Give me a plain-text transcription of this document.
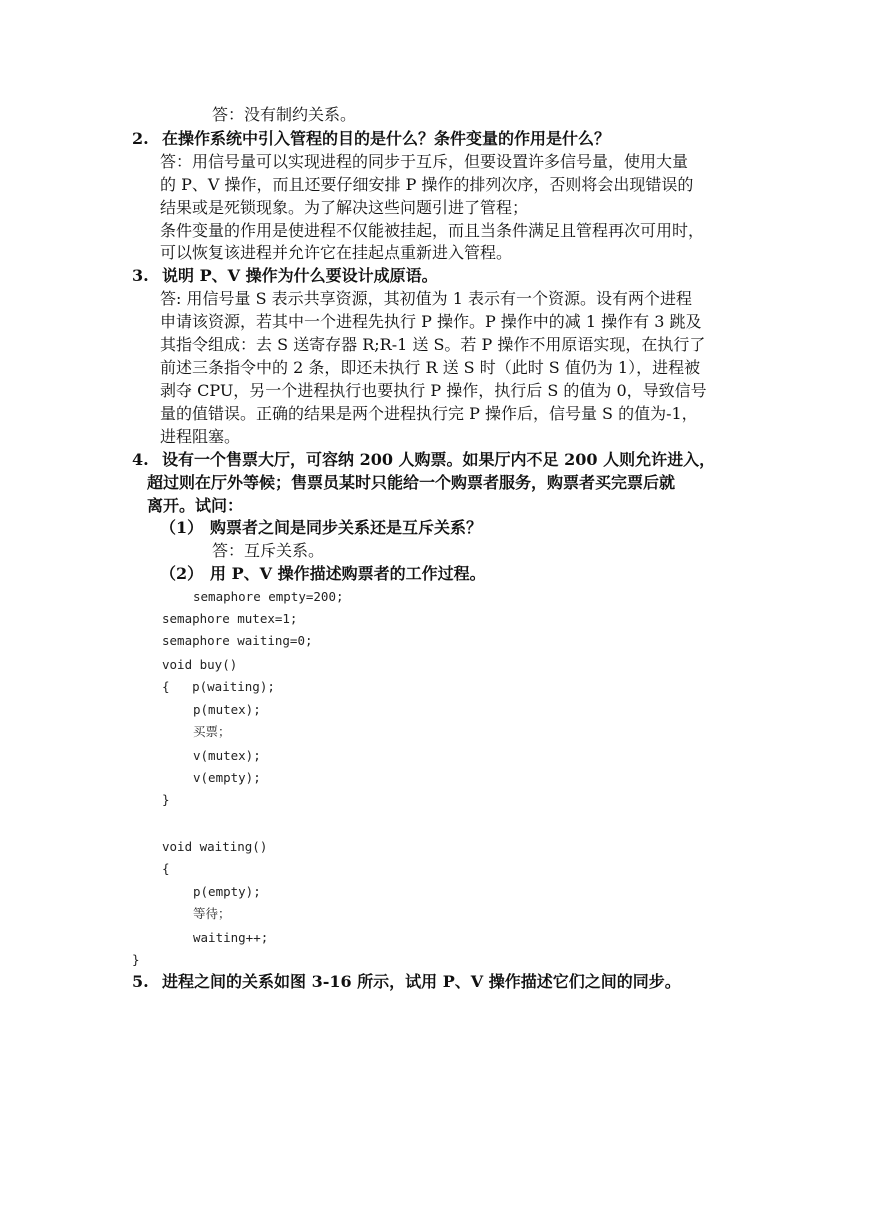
答：没有制约关系。
2. 在操作系统中引入管程的目的是什么？条件变量的作用是什么？
答：用信号量可以实现进程的同步于互斥，但要设置许多信号量，使用大量
的 P、V 操作，而且还要仔细安排 P 操作的排列次序，否则将会出现错误的
结果或是死锁现象。为了解决这些问题引进了管程；
条件变量的作用是使进程不仅能被挂起，而且当条件满足且管程再次可用时，
可以恢复该进程并允许它在挂起点重新进入管程。
3. 说明 P、V 操作为什么要设计成原语。
答: 用信号量 S 表示共享资源，其初值为 1 表示有一个资源。设有两个进程
申请该资源，若其中一个进程先执行 P 操作。P 操作中的减 1 操作有 3 跳及
其指令组成：去 S 送寄存器 R;R-1 送 S。若 P 操作不用原语实现，在执行了
前述三条指令中的 2 条，即还未执行 R 送 S 时（此时 S 值仍为 1），进程被
剥夺 CPU，另一个进程执行也要执行 P 操作，执行后 S 的值为 0，导致信号
量的值错误。正确的结果是两个进程执行完 P 操作后，信号量 S 的值为-1，
进程阻塞。
4. 设有一个售票大厅，可容纳 200 人购票。如果厅内不足 200 人则允许进入，
超过则在厅外等候；售票员某时只能给一个购票者服务，购票者买完票后就
离开。试问：
（1） 购票者之间是同步关系还是互斥关系？
答：互斥关系。
（2） 用 P、V 操作描述购票者的工作过程。
semaphore empty=200;
semaphore mutex=1;
semaphore waiting=0;
void buy()
{   p(waiting);
p(mutex);
买票；
v(mutex);
v(empty);
}
void waiting()
{
p(empty);
等待；
waiting++;
}
5. 进程之间的关系如图 3-16 所示，试用 P、V 操作描述它们之间的同步。
